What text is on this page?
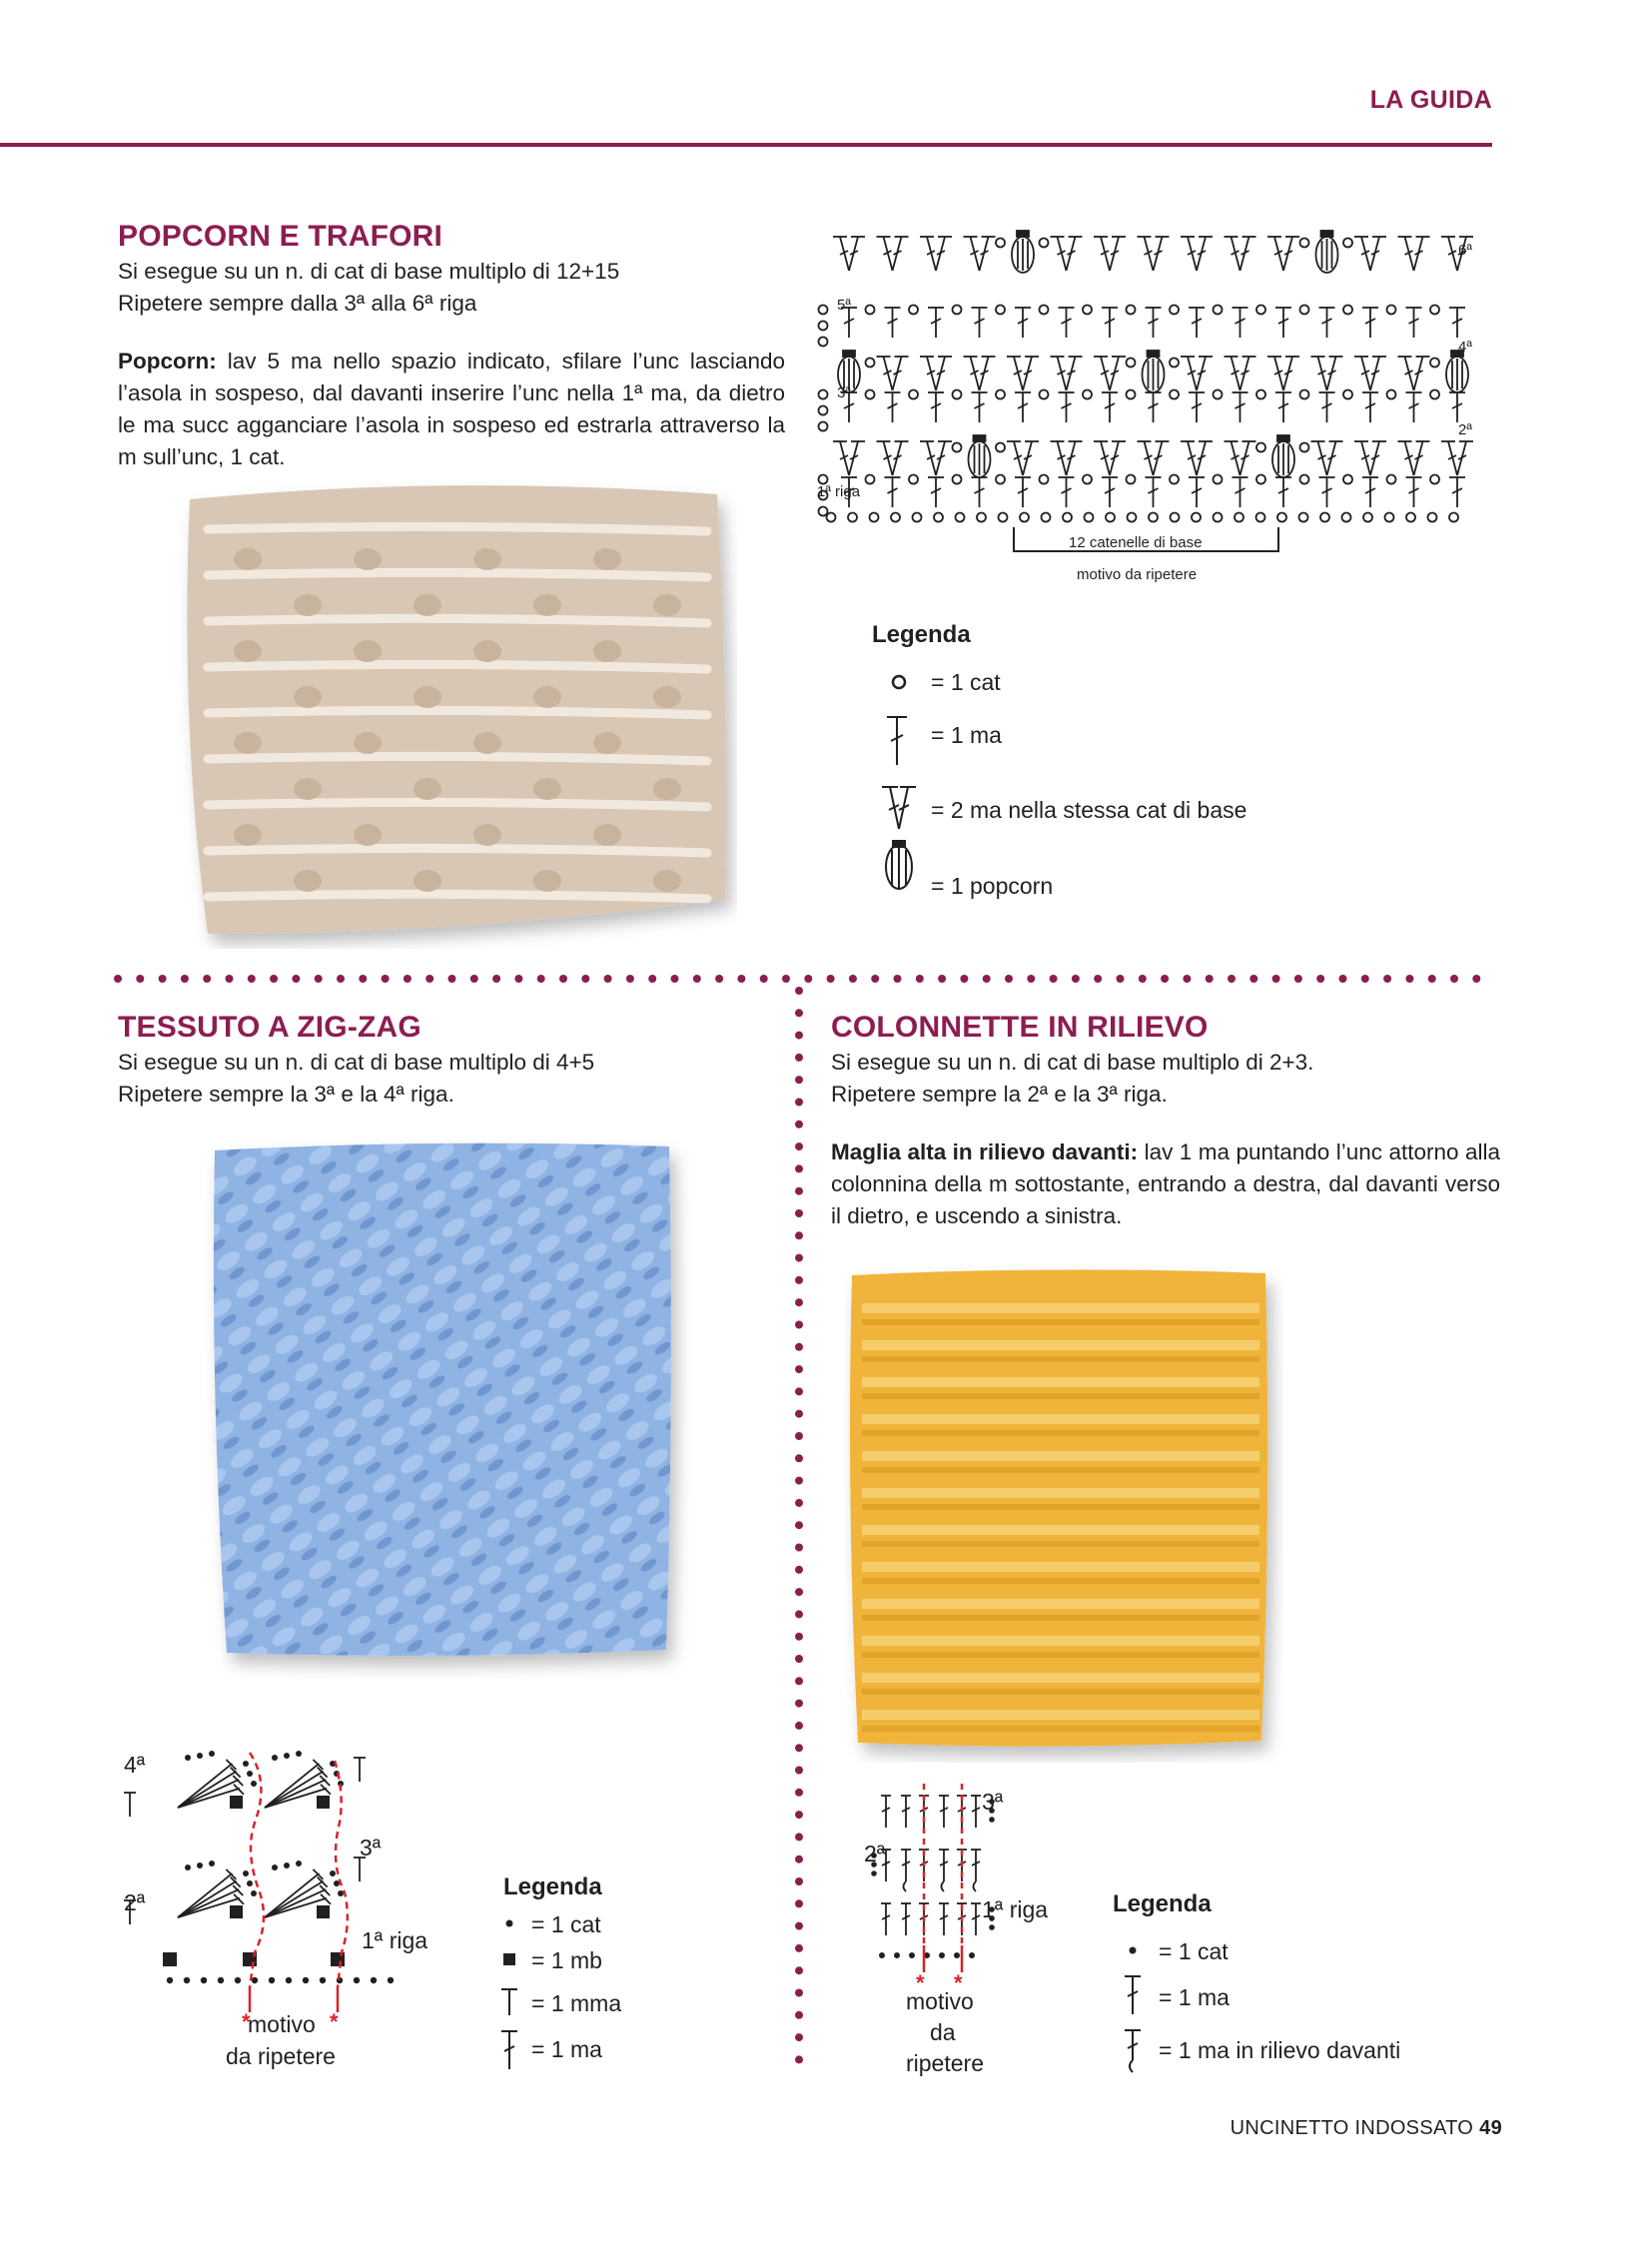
LA GUIDA
POPCORN E TRAFORI
Si esegue su un n. di cat di base multiplo di 12+15
Ripetere sempre dalla 3ª alla 6ª riga
Popcorn: lav 5 ma nello spazio indicato, sfilare l’unc lasciando l’asola in sospeso, dal davanti inserire l’unc nella 1ª ma, da dietro le ma succ agganciare l’asola in sospeso ed estrarla attraverso la m sull’unc, 1 cat.
1ª riga
3ª
5ª
2ª
4ª
6ª
12 catenelle di base
motivo da ripetere
Legenda
= 1 cat
= 1 ma
= 2 ma nella stessa cat di base
= 1 popcorn
TESSUTO A ZIG-ZAG
Si esegue su un n. di cat di base multiplo di 4+5
Ripetere sempre la 3ª e la 4ª riga.
*	*
4ª
3ª
2ª
1ª riga
motivo
da ripetere
Legenda
= 1 cat
= 1 mb
= 1 mma
= 1 ma
COLONNETTE IN RILIEVO
Si esegue su un n. di cat di base multiplo di 2+3.
Ripetere sempre la 2ª e la 3ª riga.
Maglia alta in rilievo davanti: lav 1 ma puntando l’unc attorno alla colonnina della m sottostante, entrando a destra, dal davanti verso il dietro, e uscendo a sinistra.
* *
3ª
2ª
1ª riga
motivo
da
ripetere
Legenda
= 1 cat
= 1 ma
= 1 ma in rilievo davanti
UNCINETTO INDOSSATO 49
